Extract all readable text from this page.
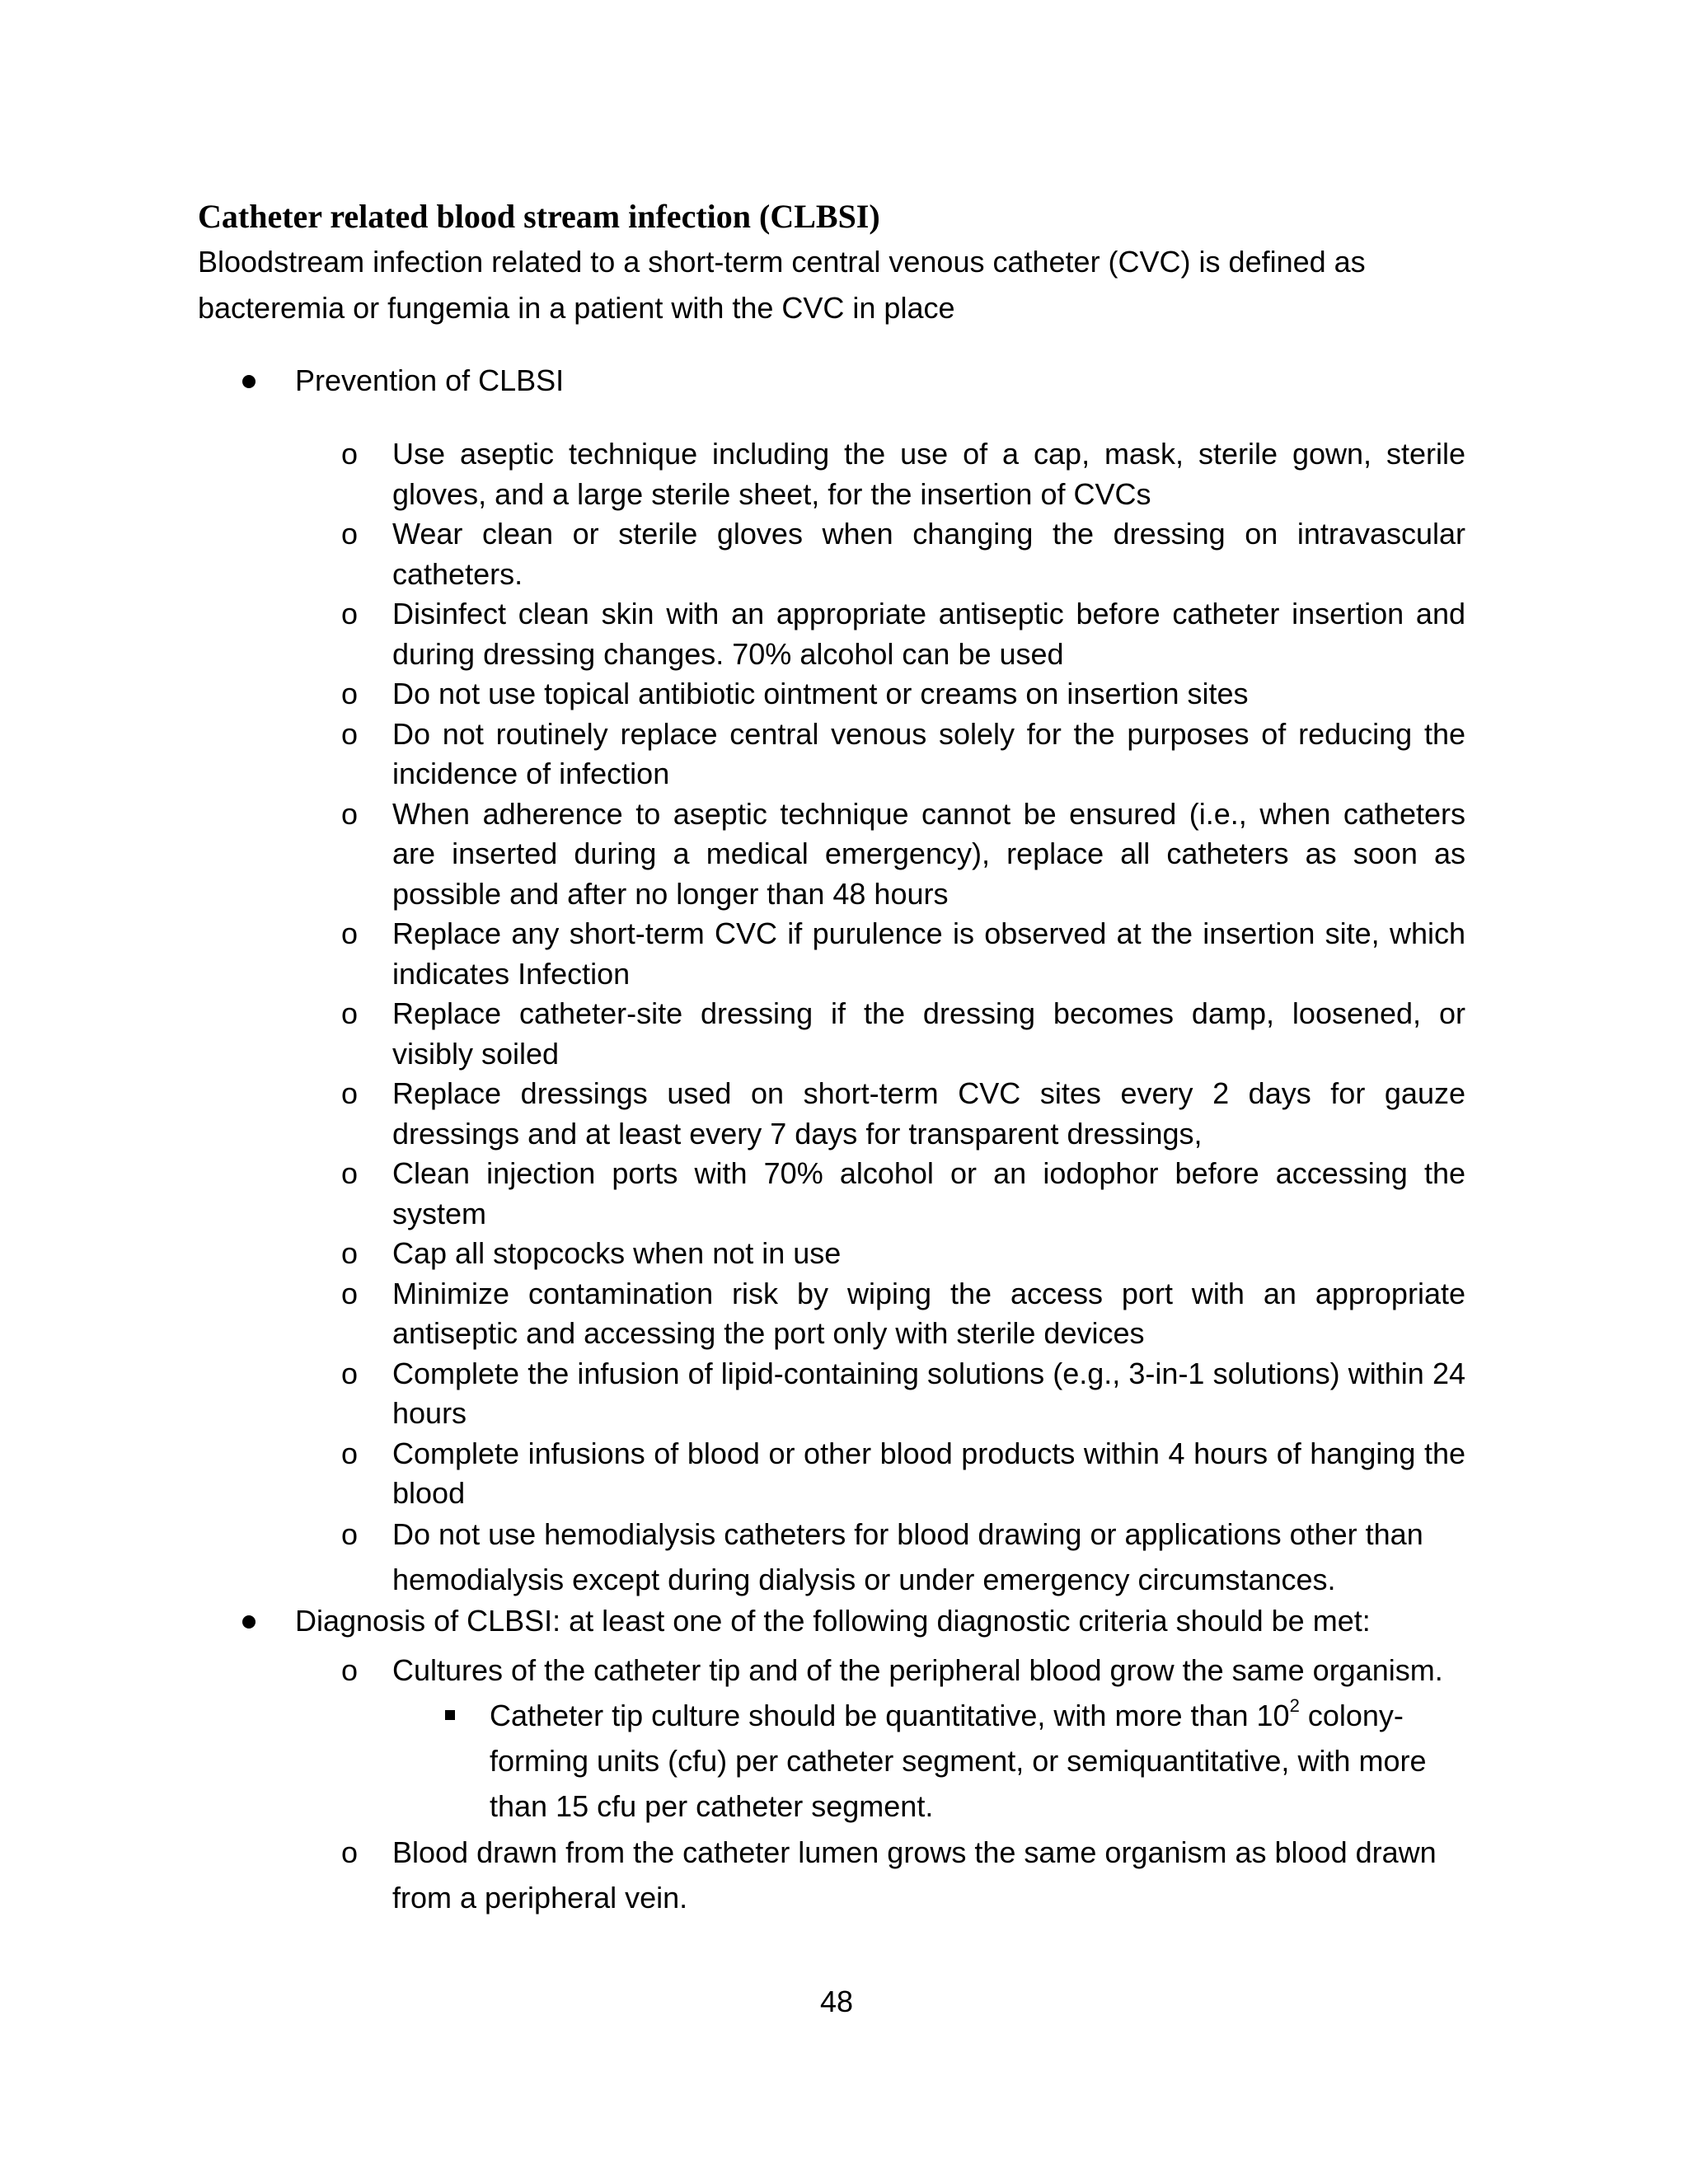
Catheter related blood stream infection (CLBSI)

Bloodstream infection related to a short-term central venous catheter (CVC) is defined as bacteremia or fungemia in a patient with the CVC in place

Prevention of CLBSI
o Use aseptic technique including the use of a cap, mask, sterile gown, sterile gloves, and a large sterile sheet, for the insertion of CVCs
o Wear clean or sterile gloves when changing the dressing on intravascular catheters.
o Disinfect clean skin with an appropriate antiseptic before catheter insertion and during dressing changes. 70% alcohol can be used
o Do not use topical antibiotic ointment or creams on insertion sites
o Do not routinely replace central venous solely for the purposes of reducing the incidence of infection
o When adherence to aseptic technique cannot be ensured (i.e., when catheters are inserted during a medical emergency), replace all catheters as soon as possible and after no longer than 48 hours
o Replace any short-term CVC if purulence is observed at the insertion site, which indicates Infection
o Replace catheter-site dressing if the dressing becomes damp, loosened, or visibly soiled
o Replace dressings used on short-term CVC sites every 2 days for gauze dressings and at least every 7 days for transparent dressings,
o Clean injection ports with 70% alcohol or an iodophor before accessing the system
o Cap all stopcocks when not in use
o Minimize contamination risk by wiping the access port with an appropriate antiseptic and accessing the port only with sterile devices
o Complete the infusion of lipid-containing solutions (e.g., 3-in-1 solutions) within 24 hours
o Complete infusions of blood or other blood products within 4 hours of hanging the blood
o Do not use hemodialysis catheters for blood drawing or applications other than hemodialysis except during dialysis or under emergency circumstances.
Diagnosis of CLBSI: at least one of the following diagnostic criteria should be met:
o Cultures of the catheter tip and of the peripheral blood grow the same organism.
Catheter tip culture should be quantitative, with more than $10^2$ colony-forming units (cfu) per catheter segment, or semiquantitative, with more than 15 cfu per catheter segment.
o Blood drawn from the catheter lumen grows the same organism as blood drawn from a peripheral vein.
48
